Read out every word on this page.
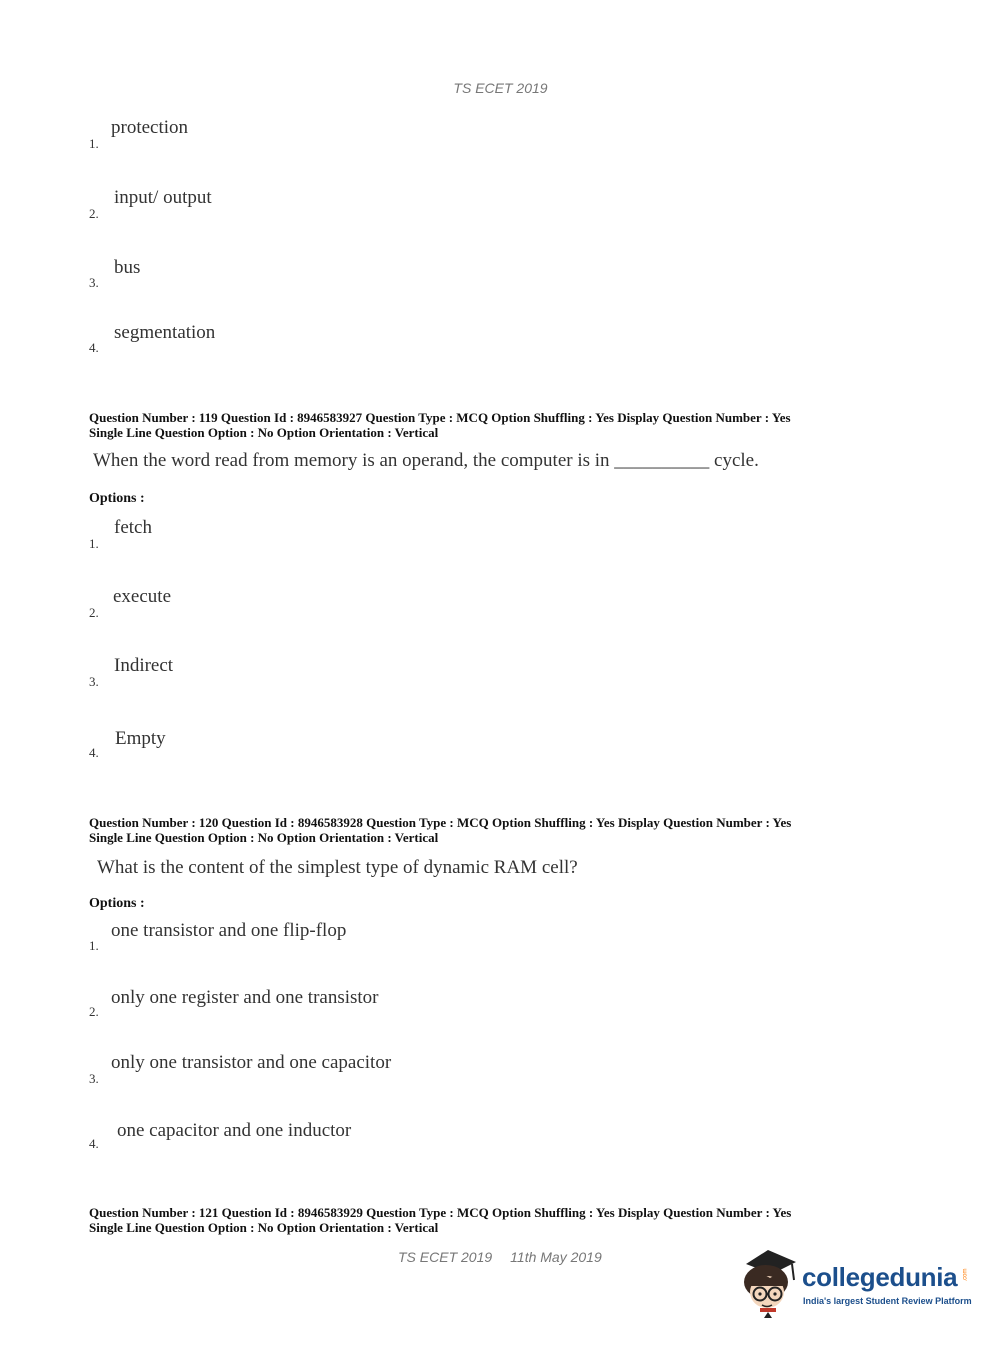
TS ECET 2019
1.
protection
2.
input/ output
3.
bus
4.
segmentation
Question Number : 119 Question Id : 8946583927 Question Type : MCQ Option Shuffling : Yes Display Question Number : Yes
Single Line Question Option : No Option Orientation : Vertical
When the word read from memory is an operand, the computer is in __________ cycle.
Options :
1.
fetch
2.
execute
3.
Indirect
4.
Empty
Question Number : 120 Question Id : 8946583928 Question Type : MCQ Option Shuffling : Yes Display Question Number : Yes
Single Line Question Option : No Option Orientation : Vertical
What is the content of the simplest type of dynamic RAM cell?
Options :
1.
one transistor and one flip-flop
2.
only one register and one transistor
3.
only one transistor and one capacitor
4.
one capacitor and one inductor
Question Number : 121 Question Id : 8946583929 Question Type : MCQ Option Shuffling : Yes Display Question Number : Yes
Single Line Question Option : No Option Orientation : Vertical
TS ECET 2019 11th May 2019
collegedunia .com
India's largest Student Review Platform
